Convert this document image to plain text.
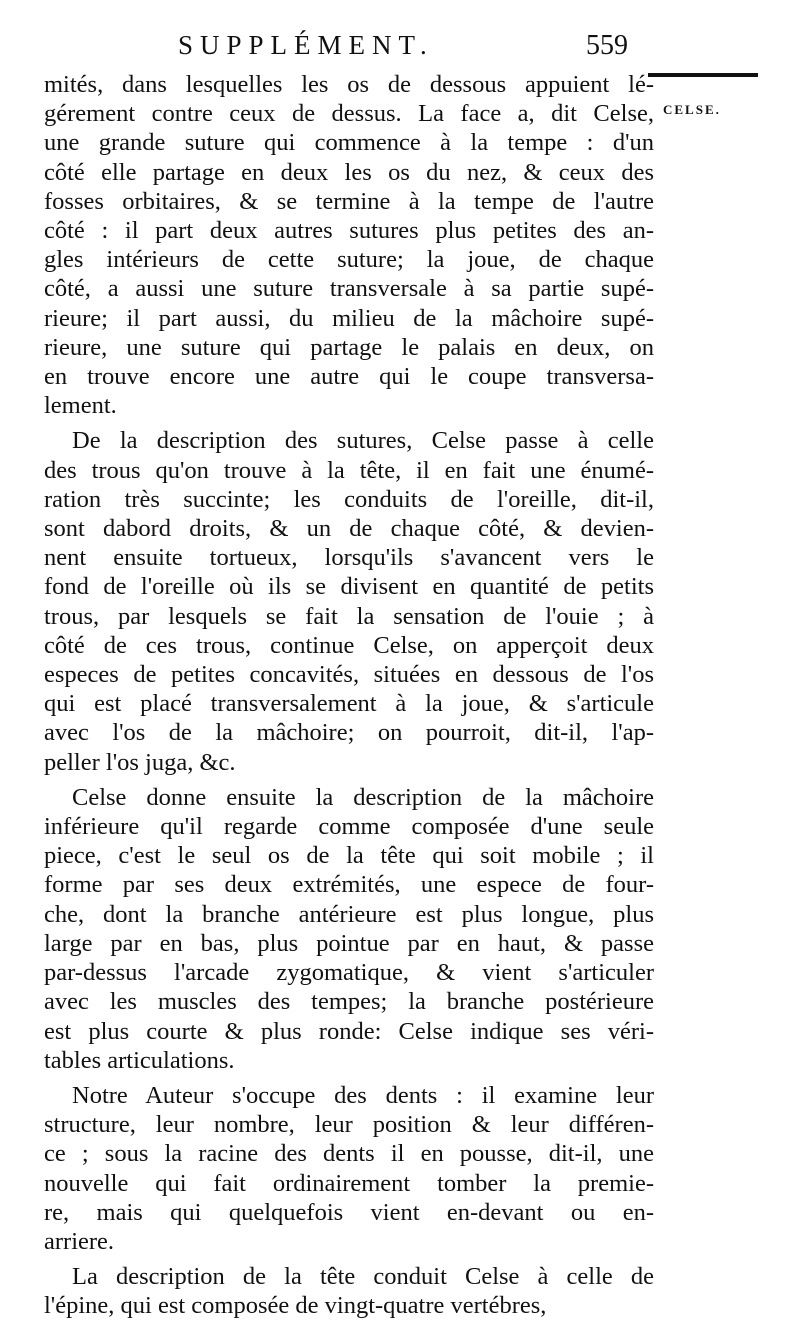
SUPPLÉMENT.	559
CELSE.

mités, dans lesquelles les os de dessous appuient lé-
gérement contre ceux de dessus. La face a, dit Celse,
une grande suture qui commence à la tempe : d'un
côté elle partage en deux les os du nez, & ceux des
fosses orbitaires, & se termine à la tempe de l'autre
côté : il part deux autres sutures plus petites des an-
gles intérieurs de cette suture; la joue, de chaque
côté, a aussi une suture transversale à sa partie supé-
rieure; il part aussi, du milieu de la mâchoire supé-
rieure, une suture qui partage le palais en deux, on
en trouve encore une autre qui le coupe transversa-
lement.

De la description des sutures, Celse passe à celle
des trous qu'on trouve à la tête, il en fait une énumé-
ration très succinte; les conduits de l'oreille, dit-il,
sont dabord droits, & un de chaque côté, & devien-
nent ensuite tortueux, lorsqu'ils s'avancent vers le
fond de l'oreille où ils se divisent en quantité de petits
trous, par lesquels se fait la sensation de l'ouie ; à
côté de ces trous, continue Celse, on apperçoit deux
especes de petites concavités, situées en dessous de l'os
qui est placé transversalement à la joue, & s'articule
avec l'os de la mâchoire; on pourroit, dit-il, l'ap-
peller l'os juga, &c.

Celse donne ensuite la description de la mâchoire
inférieure qu'il regarde comme composée d'une seule
piece, c'est le seul os de la tête qui soit mobile ; il
forme par ses deux extrémités, une espece de four-
che, dont la branche antérieure est plus longue, plus
large par en bas, plus pointue par en haut, & passe
par-dessus l'arcade zygomatique, & vient s'articuler
avec les muscles des tempes; la branche postérieure
est plus courte & plus ronde: Celse indique ses véri-
tables articulations.

Notre Auteur s'occupe des dents : il examine leur
structure, leur nombre, leur position & leur différen-
ce ; sous la racine des dents il en pousse, dit-il, une
nouvelle qui fait ordinairement tomber la premie-
re, mais qui quelquefois vient en-devant ou en-
arriere.

La description de la tête conduit Celse à celle de
l'épine, qui est composée de vingt-quatre vertébres,
